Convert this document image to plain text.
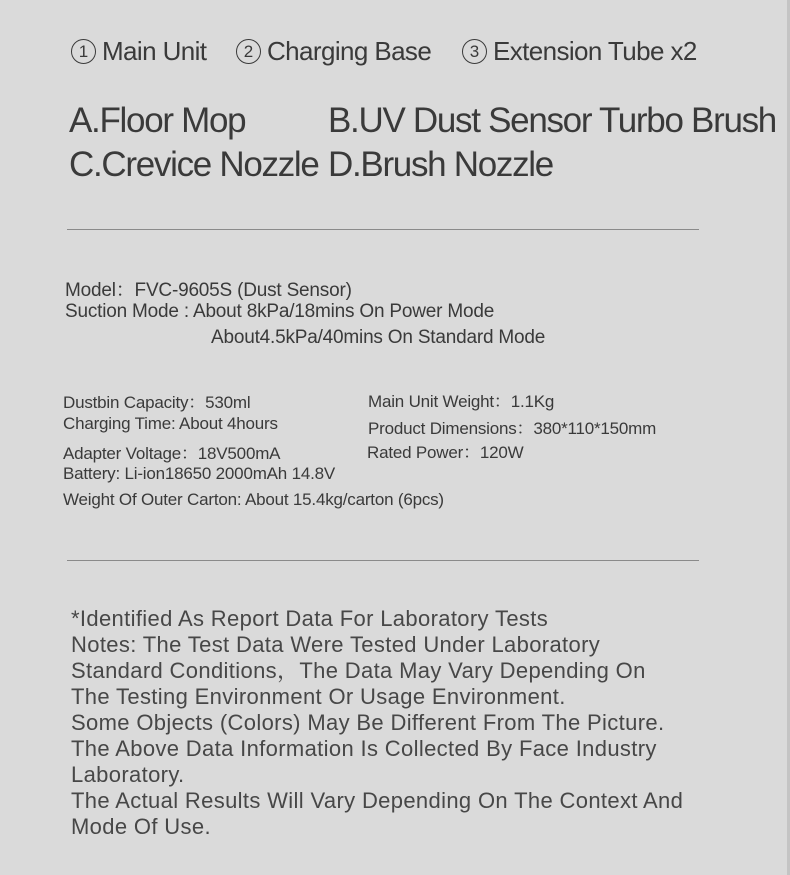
1 Main Unit	2 Charging Base	3 Extension Tube x2
A.Floor Mop B.UV Dust Sensor Turbo Brush
C.Crevice Nozzle D.Brush Nozzle
Model：FVC-9605S (Dust Sensor)
Suction Mode : About 8kPa/18mins On Power Mode
About4.5kPa/40mins On Standard Mode
Dustbin Capacity：530ml	Main Unit Weight：1.1Kg
Charging Time: About 4hours	Product Dimensions：380*110*150mm
Adapter Voltage：18V500mA	Rated Power：120W
Battery: Li-ion18650 2000mAh 14.8V
Weight Of Outer Carton: About 15.4kg/carton (6pcs)
*Identified As Report Data For Laboratory Tests
Notes: The Test Data Were Tested Under Laboratory
Standard Conditions，The Data May Vary Depending On
The Testing Environment Or Usage Environment.
Some Objects (Colors) May Be Different From The Picture.
The Above Data Information Is Collected By Face Industry
Laboratory.
The Actual Results Will Vary Depending On The Context And
Mode Of Use.
